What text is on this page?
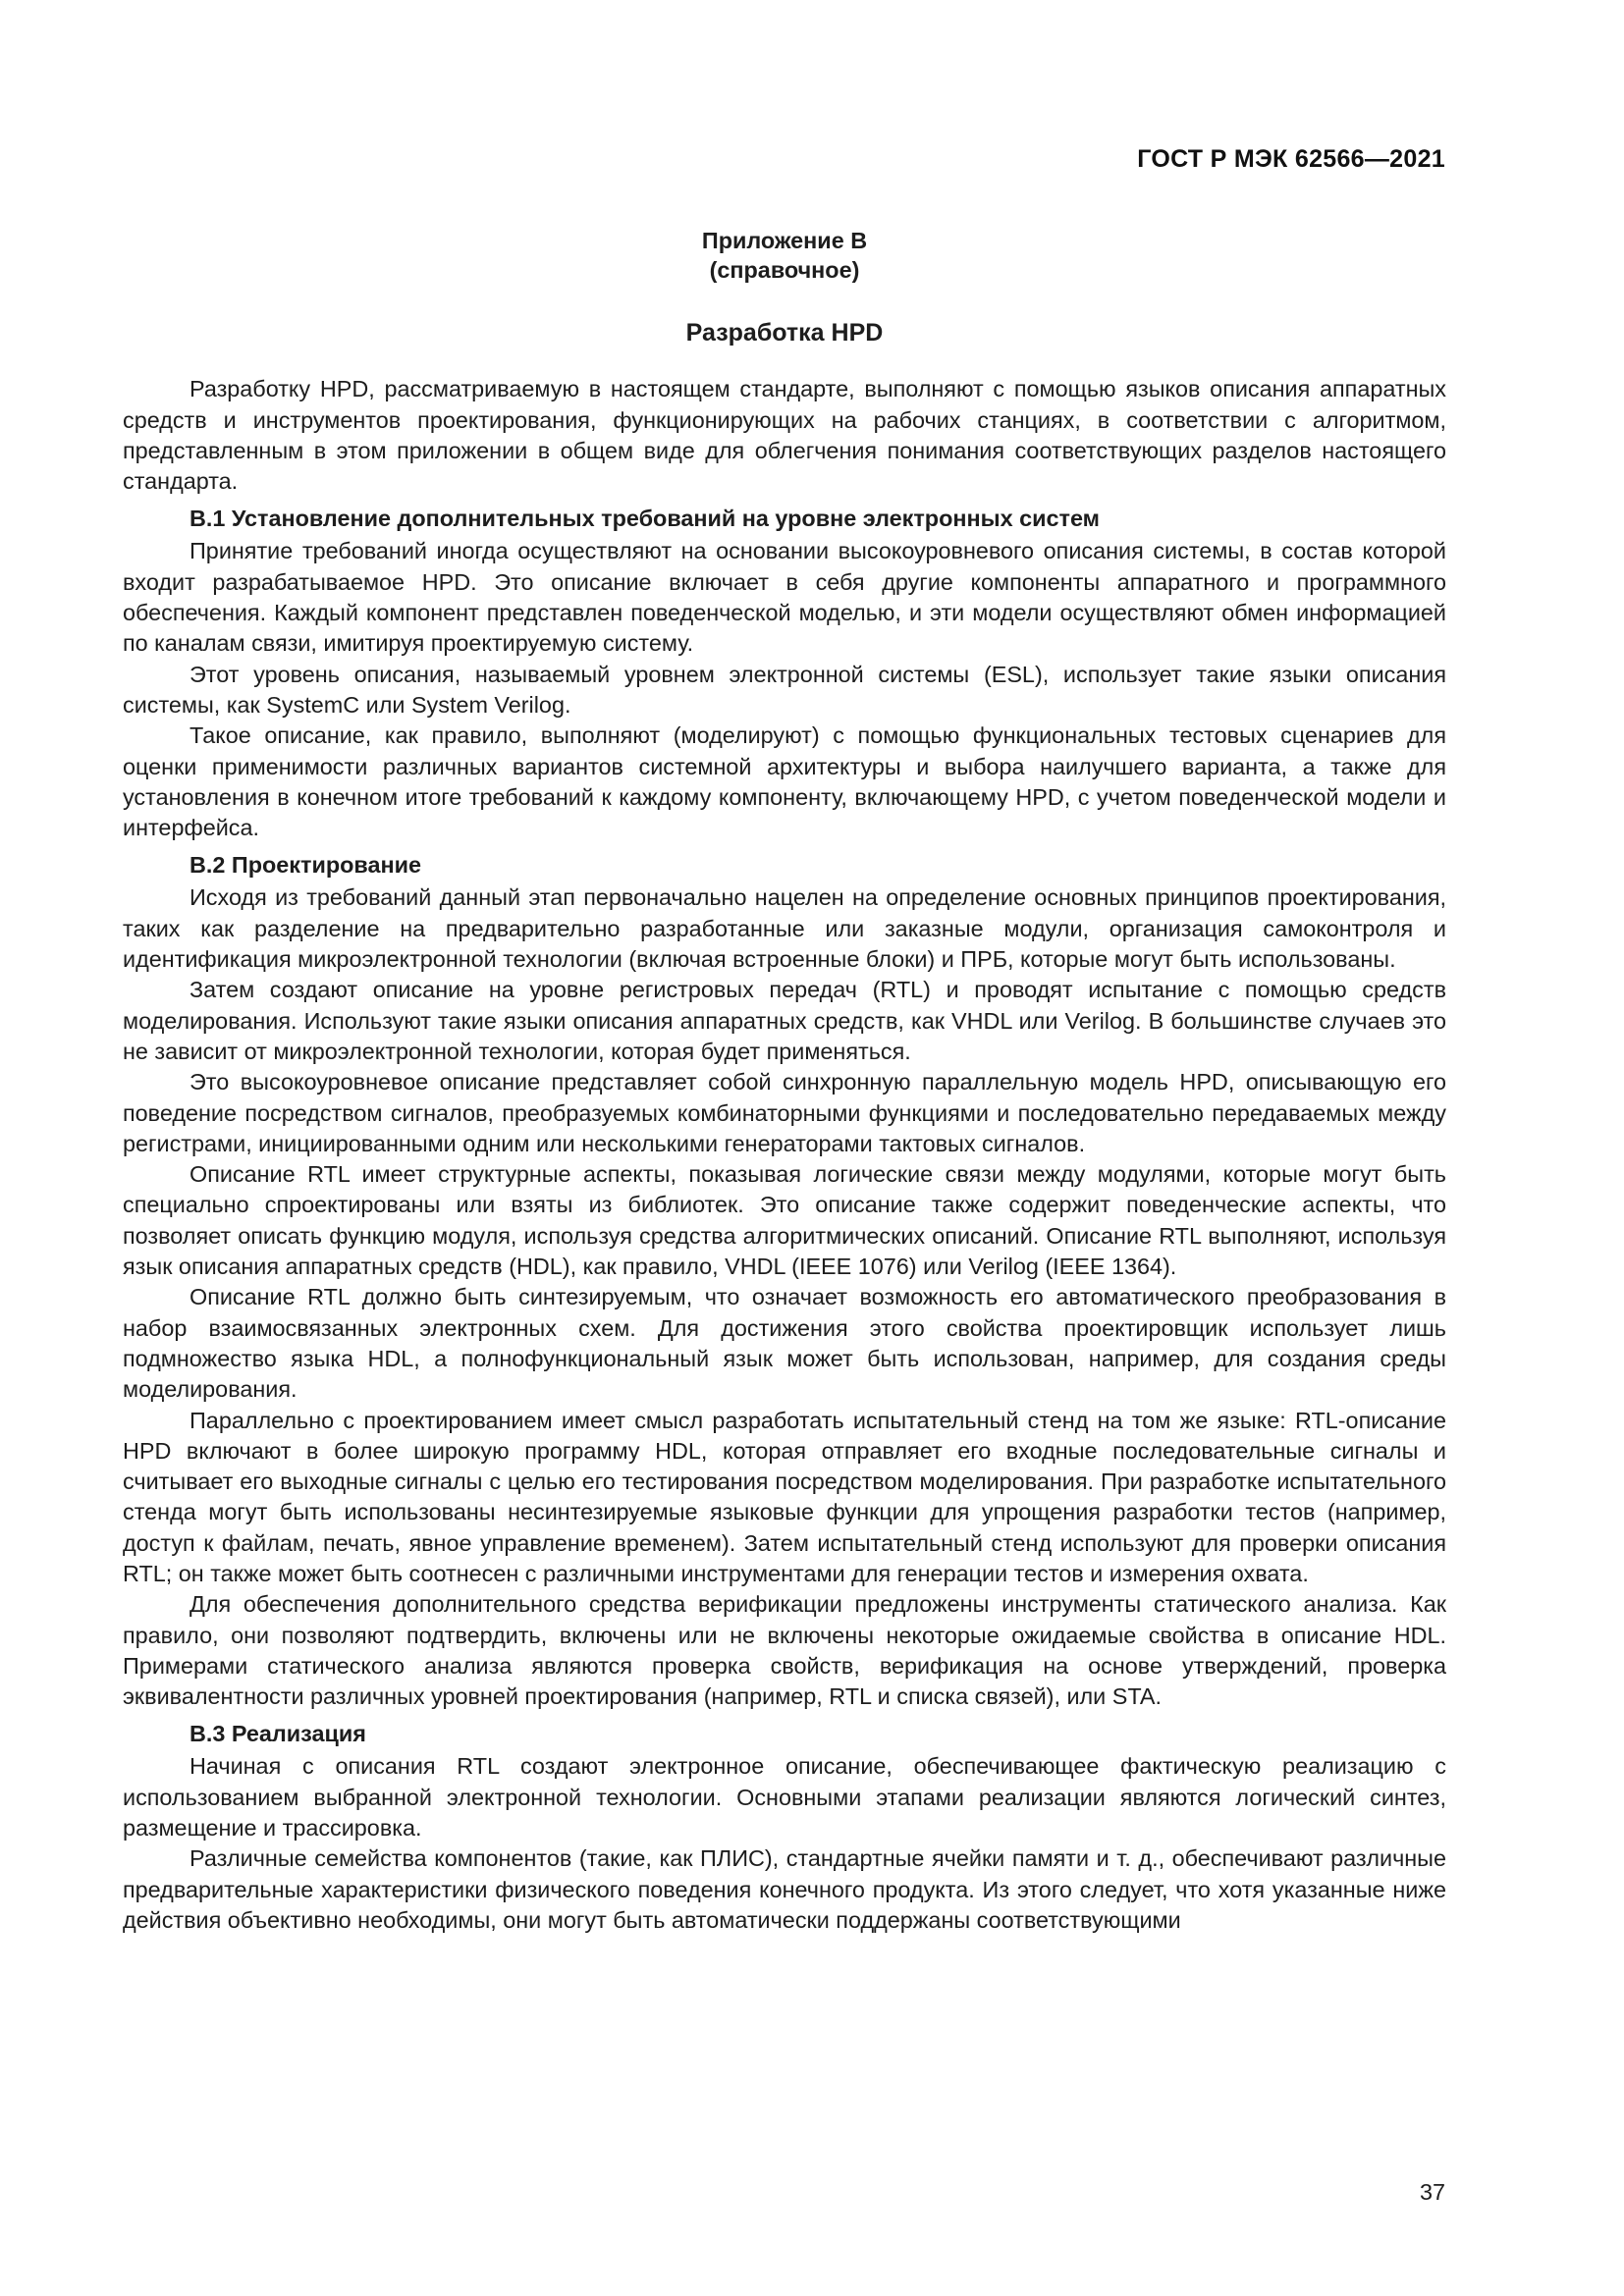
ГОСТ Р МЭК 62566—2021
Приложение В
(справочное)
Разработка HPD

Разработку HPD, рассматриваемую в настоящем стандарте, выполняют с помощью языков описания аппаратных средств и инструментов проектирования, функционирующих на рабочих станциях, в соответствии с алгоритмом, представленным в этом приложении в общем виде для облегчения понимания соответствующих разделов настоящего стандарта.

В.1 Установление дополнительных требований на уровне электронных систем

Принятие требований иногда осуществляют на основании высокоуровневого описания системы, в состав которой входит разрабатываемое HPD. Это описание включает в себя другие компоненты аппаратного и программного обеспечения. Каждый компонент представлен поведенческой моделью, и эти модели осуществляют обмен информацией по каналам связи, имитируя проектируемую систему.

Этот уровень описания, называемый уровнем электронной системы (ESL), использует такие языки описания системы, как SystemC или System Verilog.

Такое описание, как правило, выполняют (моделируют) с помощью функциональных тестовых сценариев для оценки применимости различных вариантов системной архитектуры и выбора наилучшего варианта, а также для установления в конечном итоге требований к каждому компоненту, включающему HPD, с учетом поведенческой модели и интерфейса.

В.2 Проектирование

Исходя из требований данный этап первоначально нацелен на определение основных принципов проектирования, таких как разделение на предварительно разработанные или заказные модули, организация самоконтроля и идентификация микроэлектронной технологии (включая встроенные блоки) и ПРБ, которые могут быть использованы.

Затем создают описание на уровне регистровых передач (RTL) и проводят испытание с помощью средств моделирования. Используют такие языки описания аппаратных средств, как VHDL или Verilog. В большинстве случаев это не зависит от микроэлектронной технологии, которая будет применяться.

Это высокоуровневое описание представляет собой синхронную параллельную модель HPD, описывающую его поведение посредством сигналов, преобразуемых комбинаторными функциями и последовательно передаваемых между регистрами, инициированными одним или несколькими генераторами тактовых сигналов.

Описание RTL имеет структурные аспекты, показывая логические связи между модулями, которые могут быть специально спроектированы или взяты из библиотек. Это описание также содержит поведенческие аспекты, что позволяет описать функцию модуля, используя средства алгоритмических описаний. Описание RTL выполняют, используя язык описания аппаратных средств (HDL), как правило, VHDL (IEEE 1076) или Verilog (IEEE 1364).

Описание RTL должно быть синтезируемым, что означает возможность его автоматического преобразования в набор взаимосвязанных электронных схем. Для достижения этого свойства проектировщик использует лишь подмножество языка HDL, а полнофункциональный язык может быть использован, например, для создания среды моделирования.

Параллельно с проектированием имеет смысл разработать испытательный стенд на том же языке: RTL-описание HPD включают в более широкую программу HDL, которая отправляет его входные последовательные сигналы и считывает его выходные сигналы с целью его тестирования посредством моделирования. При разработке испытательного стенда могут быть использованы несинтезируемые языковые функции для упрощения разработки тестов (например, доступ к файлам, печать, явное управление временем). Затем испытательный стенд используют для проверки описания RTL; он также может быть соотнесен с различными инструментами для генерации тестов и измерения охвата.

Для обеспечения дополнительного средства верификации предложены инструменты статического анализа. Как правило, они позволяют подтвердить, включены или не включены некоторые ожидаемые свойства в описание HDL. Примерами статического анализа являются проверка свойств, верификация на основе утверждений, проверка эквивалентности различных уровней проектирования (например, RTL и списка связей), или STA.

В.3 Реализация

Начиная с описания RTL создают электронное описание, обеспечивающее фактическую реализацию с использованием выбранной электронной технологии. Основными этапами реализации являются логический синтез, размещение и трассировка.

Различные семейства компонентов (такие, как ПЛИС), стандартные ячейки памяти и т. д., обеспечивают различные предварительные характеристики физического поведения конечного продукта. Из этого следует, что хотя указанные ниже действия объективно необходимы, они могут быть автоматически поддержаны соответствующими

37
